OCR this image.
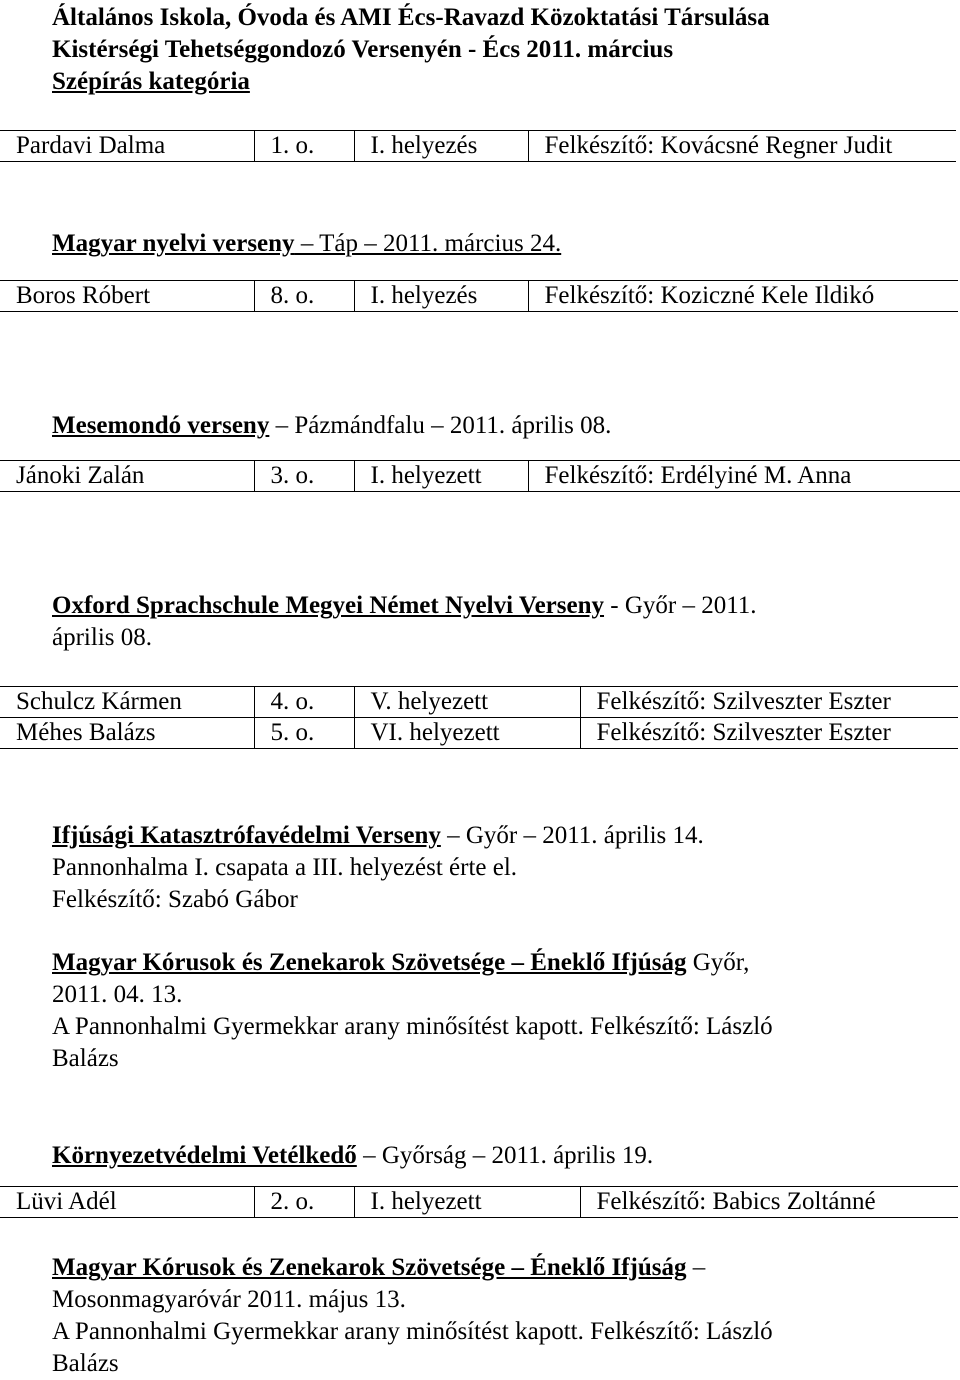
Általános Iskola, Óvoda és AMI Écs-Ravazd Közoktatási Társulása
Kistérségi Tehetséggondozó Versenyén - Écs 2011. március
Szépírás kategória
Pardavi Dalma	1. o.	I. helyezés	Felkészítő: Kovácsné Regner Judit
Magyar nyelvi verseny – Táp – 2011. március 24.
Boros Róbert	8. o.	I. helyezés	Felkészítő: Koziczné Kele Ildikó
Mesemondó verseny – Pázmándfalu – 2011. április 08.
Jánoki Zalán	3. o.	I. helyezett	Felkészítő: Erdélyiné M. Anna
Oxford Sprachschule Megyei Német Nyelvi Verseny - Győr – 2011.
április 08.
Schulcz Kármen	4. o.	V. helyezett	Felkészítő: Szilveszter Eszter
Méhes Balázs	5. o.	VI. helyezett	Felkészítő: Szilveszter Eszter
Ifjúsági Katasztrófavédelmi Verseny – Győr – 2011. április 14.
Pannonhalma I. csapata a III. helyezést érte el.
Felkészítő: Szabó Gábor
Magyar Kórusok és Zenekarok Szövetsége – Éneklő Ifjúság Győr,
2011. 04. 13.
A Pannonhalmi Gyermekkar arany minősítést kapott. Felkészítő: László
Balázs
Környezetvédelmi Vetélkedő – Győrság – 2011. április 19.
Lüvi Adél	2. o.	I. helyezett	Felkészítő: Babics Zoltánné
Magyar Kórusok és Zenekarok Szövetsége – Éneklő Ifjúság –
Mosonmagyaróvár 2011. május 13.
A Pannonhalmi Gyermekkar arany minősítést kapott. Felkészítő: László
Balázs
